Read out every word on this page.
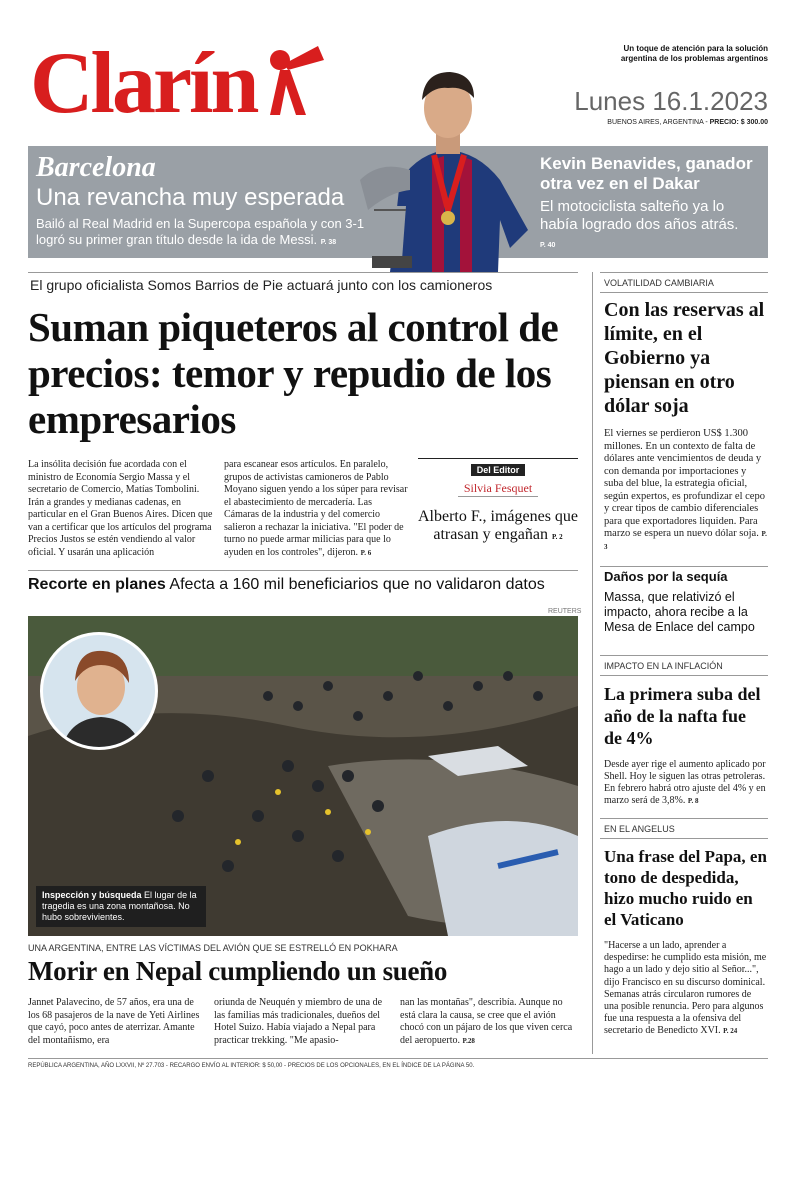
Clarín	Un toque de atención para la solución argentina de los problemas argentinos
Lunes 16.1.2023
BUENOS AIRES, ARGENTINA - PRECIO: $ 300.00
Barcelona
Una revancha muy esperada
Bailó al Real Madrid en la Supercopa española y con 3-1 logró su primer gran título desde la ida de Messi. P. 38
Kevin Benavides, ganador otra vez en el Dakar
El motociclista salteño ya lo había logrado dos años atrás.
P. 40
El grupo oficialista Somos Barrios de Pie actuará junto con los camioneros
Suman piqueteros al control de precios: temor y repudio de los empresarios
La insólita decisión fue acordada con el ministro de Economía Sergio Massa y el secretario de Comercio, Matías Tombolini. Irán a grandes y medianas cadenas, en particular en el Gran Buenos Aires. Dicen que van a certificar que los artículos del programa Precios Justos se estén vendiendo al valor oficial. Y usarán una aplicación
para escanear esos artículos. En paralelo, grupos de activistas camioneros de Pablo Moyano siguen yendo a los súper para revisar el abastecimiento de mercadería. Las Cámaras de la industria y del comercio salieron a rechazar la iniciativa. "El poder de turno no puede armar milicias para que lo ayuden en los controles", dijeron. P. 6
Del Editor
Silvia Fesquet
Alberto F., imágenes que atrasan y engañan P. 2
Recorte en planes Afecta a 160 mil beneficiarios que no validaron datos
REUTERS
Inspección y búsqueda El lugar de la tragedia es una zona montañosa. No hubo sobrevivientes.
UNA ARGENTINA, ENTRE LAS VÍCTIMAS DEL AVIÓN QUE SE ESTRELLÓ EN POKHARA
Morir en Nepal cumpliendo un sueño
Jannet Palavecino, de 57 años, era una de los 68 pasajeros de la nave de Yeti Airlines que cayó, poco antes de aterrizar. Amante del montañismo, era
oriunda de Neuquén y miembro de una de las familias más tradicionales, dueños del Hotel Suizo. Había viajado a Nepal para practicar trekking. "Me apasio-
nan las montañas", describía. Aunque no está clara la causa, se cree que el avión chocó con un pájaro de los que viven cerca del aeropuerto. P.28
REPÚBLICA ARGENTINA, AÑO LXXVII, Nº 27.703 - RECARGO ENVÍO AL INTERIOR: $ 50,00 - PRECIOS DE LOS OPCIONALES, EN EL ÍNDICE DE LA PÁGINA 50.
VOLATILIDAD CAMBIARIA
Con las reservas al límite, en el Gobierno ya piensan en otro dólar soja
El viernes se perdieron US$ 1.300 millones. En un contexto de falta de dólares ante vencimientos de deuda y con demanda por importaciones y suba del blue, la estrategia oficial, según expertos, es profundizar el cepo y crear tipos de cambio diferenciales para que exportadores liquiden. Para marzo se espera un nuevo dólar soja. P. 3
Daños por la sequía
Massa, que relativizó el impacto, ahora recibe a la Mesa de Enlace del campo
IMPACTO EN LA INFLACIÓN
La primera suba del año de la nafta fue de 4%
Desde ayer rige el aumento aplicado por Shell. Hoy le siguen las otras petroleras. En febrero habrá otro ajuste del 4% y en marzo será de 3,8%. P. 8
EN EL ANGELUS
Una frase del Papa, en tono de despedida, hizo mucho ruido en el Vaticano
"Hacerse a un lado, aprender a despedirse: he cumplido esta misión, me hago a un lado y dejo sitio al Señor...", dijo Francisco en su discurso dominical. Semanas atrás circularon rumores de una posible renuncia. Pero para algunos fue una respuesta a la ofensiva del secretario de Benedicto XVI. P. 24
